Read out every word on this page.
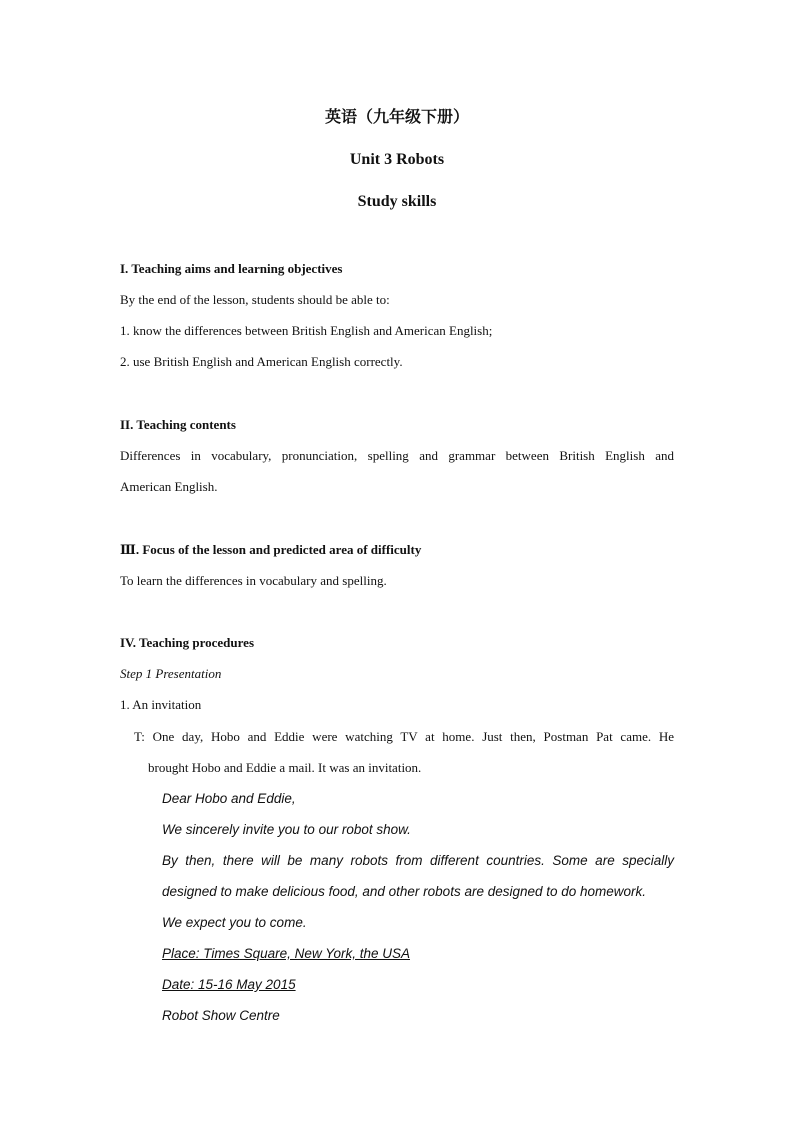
英语（九年级下册）
Unit 3 Robots
Study skills
I. Teaching aims and learning objectives
By the end of the lesson, students should be able to:
1. know the differences between British English and American English;
2. use British English and American English correctly.
II. Teaching contents
Differences in vocabulary, pronunciation, spelling and grammar between British English and
American English.
Ⅲ. Focus of the lesson and predicted area of difficulty
To learn the differences in vocabulary and spelling.
IV. Teaching procedures
Step 1 Presentation
1. An invitation
T: One day, Hobo and Eddie were watching TV at home. Just then, Postman Pat came. He
brought Hobo and Eddie a mail. It was an invitation.
Dear Hobo and Eddie,
We sincerely invite you to our robot show.
By then, there will be many robots from different countries. Some are specially
designed to make delicious food, and other robots are designed to do homework.
We expect you to come.
Place: Times Square, New York, the USA
Date: 15-16 May 2015
Robot Show Centre
